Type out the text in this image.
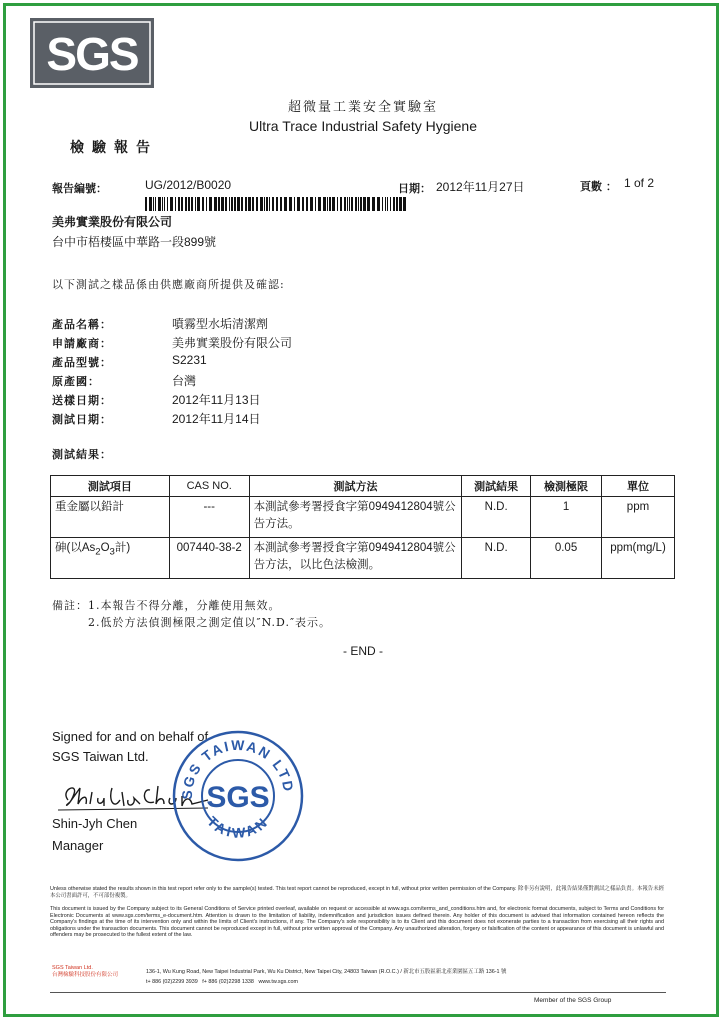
SGS
超微量工業安全實驗室
Ultra Trace Industrial Safety Hygiene
檢驗報告
報告編號：	UG/2012/B0020	日期： 2012年11月27日	頁數 ： 1 of 2
美弗實業股份有限公司
台中市梧棲區中華路一段899號
以下測試之樣品係由供應廠商所提供及確認:
產品名稱：	噴霧型水垢清潔劑
申請廠商：	美弗實業股份有限公司
產品型號：	S2231
原產國：	台灣
送樣日期：	2012年11月13日
測試日期：	2012年11月14日
測試結果：
測試項目	CAS NO.	測試方法	測試結果	檢測極限	單位
重金屬以鉛計	---	本測試參考署授食字第0949412804號公告方法。	N.D.	1	ppm
砷(以$As_2O_3$計)	007440-38-2	本測試參考署授食字第0949412804號公告方法，以比色法檢測。	N.D.	0.05	ppm(mg/L)
備註：1.本報告不得分離，分離使用無效。
2.低於方法偵測極限之測定值以″N.D.″表示。
- END -
Signed for and on behalf of
SGS Taiwan Ltd.
Shin-Jyh Chen
Manager
SGS TAIWAN LTD
TAIWAN
SGS
Unless otherwise stated the results shown in this test report refer only to the sample(s) tested. This test report cannot be reproduced, except in full, without prior written permission of the Company. 除非另有說明，此報告結果僅對測試之樣品負責。本報告未經本公司書面許可，不可部份複製。
This document is issued by the Company subject to its General Conditions of Service printed overleaf, available on request or accessible at www.sgs.com/terms_and_conditions.htm and, for electronic format documents, subject to Terms and Conditions for Electronic Documents at www.sgs.com/terms_e-document.htm. Attention is drawn to the limitation of liability, indemnification and jurisdiction issues defined therein. Any holder of this document is advised that information contained hereon reflects the Company's findings at the time of its intervention only and within the limits of Client's instructions, if any. The Company's sole responsibility is to its Client and this document does not exonerate parties to a transaction from exercising all their rights and obligations under the transaction documents. This document cannot be reproduced except in full, without prior written approval of the Company. Any unauthorized alteration, forgery or falsification of the content or appearance of this document is unlawful and offenders may be prosecuted to the fullest extent of the law.
SGS Taiwan Ltd.
台灣檢驗科技股份有限公司	136-1, Wu Kung Road, New Taipei Industrial Park, Wu Ku District, New Taipei City, 24803 Taiwan (R.O.C.) / 新北市五股區新北產業園區五工路 136-1 號
t+ 886 (02)2299 3939 f+ 886 (02)2298 1338 www.tw.sgs.com
Member of the SGS Group
